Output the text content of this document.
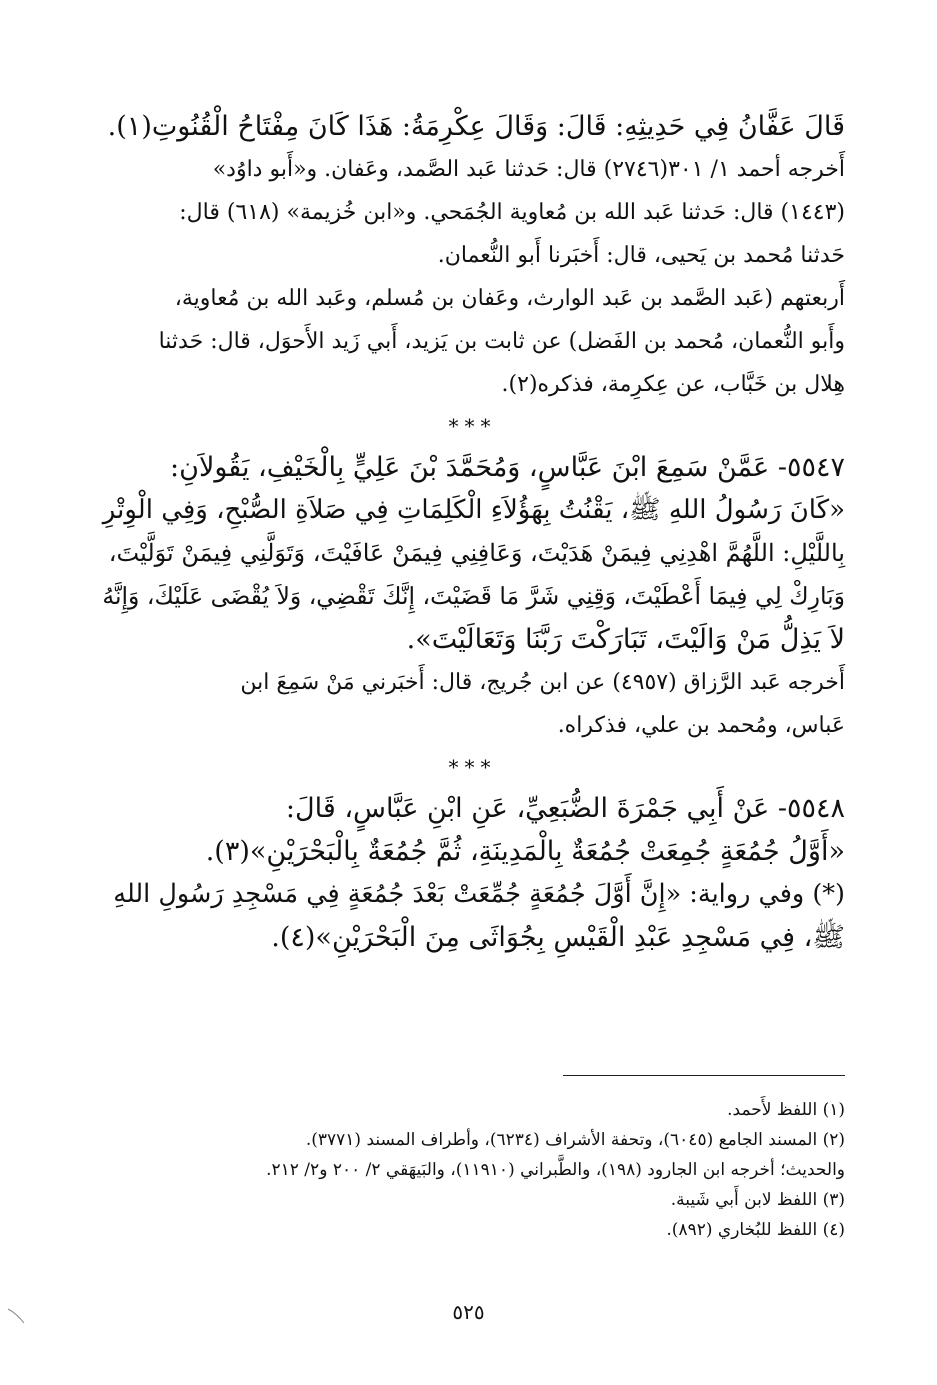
قَالَ عَفَّانُ فِي حَدِيثِهِ: قَالَ: وَقَالَ عِكْرِمَةُ: هَذَا كَانَ مِفْتَاحُ الْقُنُوتِ(١).
أَخرجه أحمد ١/ ٣٠١(٢٧٤٦) قال: حَدثنا عَبد الصَّمد، وعَفان. و«أَبو داوُد»
(١٤٤٣) قال: حَدثنا عَبد الله بن مُعاوية الجُمَحي. و«ابن خُزيمة» (٦١٨) قال:
حَدثنا مُحمد بن يَحيى، قال: أَخبَرنا أَبو النُّعمان.
أَربعتهم (عَبد الصَّمد بن عَبد الوارث، وعَفان بن مُسلم، وعَبد الله بن مُعاوية،
وأَبو النُّعمان، مُحمد بن الفَضل) عن ثابت بن يَزيد، أَبي زَيد الأَحوَل، قال: حَدثنا
هِلال بن خَبَّاب، عن عِكرِمة، فذكره(٢).
***
٥٥٤٧- عَمَّنْ سَمِعَ ابْنَ عَبَّاسٍ، وَمُحَمَّدَ بْنَ عَلِيٍّ بِالْخَيْفِ، يَقُولاَنِ:
«كَانَ رَسُولُ اللهِ ﷺ، يَقْنُتُ بِهَؤُلاَءِ الْكَلِمَاتِ فِي صَلاَةِ الصُّبْحِ، وَفِي الْوِتْرِ
بِاللَّيْلِ: اللَّهُمَّ اهْدِنِي فِيمَنْ هَدَيْتَ، وَعَافِنِي فِيمَنْ عَافَيْتَ، وَتَوَلَّنِي فِيمَنْ تَوَلَّيْتَ،
وَبَارِكْ لِي فِيمَا أَعْطَيْتَ، وَقِنِي شَرَّ مَا قَضَيْتَ، إِنَّكَ تَقْضِي، وَلاَ يُقْضَى عَلَيْكَ، وَإِنَّهُ
لاَ يَذِلُّ مَنْ وَالَيْتَ، تَبَارَكْتَ رَبَّنَا وَتَعَالَيْتَ».
أَخرجه عَبد الرَّزاق (٤٩٥٧) عن ابن جُريج، قال: أَخبَرني مَنْ سَمِعَ ابن
عَباس، ومُحمد بن علي، فذكراه.
***
٥٥٤٨- عَنْ أَبِي جَمْرَةَ الضُّبَعِيِّ، عَنِ ابْنِ عَبَّاسٍ، قَالَ:
«أَوَّلُ جُمُعَةٍ جُمِعَتْ جُمُعَةٌ بِالْمَدِينَةِ، ثُمَّ جُمُعَةٌ بِالْبَحْرَيْنِ»(٣).
(*) وفي رواية: «إِنَّ أَوَّلَ جُمُعَةٍ جُمِّعَتْ بَعْدَ جُمُعَةٍ فِي مَسْجِدِ رَسُولِ اللهِ
ﷺ، فِي مَسْجِدِ عَبْدِ الْقَيْسِ بِجُوَاثَى مِنَ الْبَحْرَيْنِ»(٤).
(١) اللفظ لأَحمد.
(٢) المسند الجامع (٦٠٤٥)، وتحفة الأشراف (٦٢٣٤)، وأطراف المسند (٣٧٧١).
والحديث؛ أخرجه ابن الجارود (١٩٨)، والطَّبراني (١١٩١٠)، والبَيهَقي ٢/ ٢٠٠ و٢/ ٢١٢.
(٣) اللفظ لابن أَبي شَيبة.
(٤) اللفظ للبُخاري (٨٩٢).
٥٢٥
